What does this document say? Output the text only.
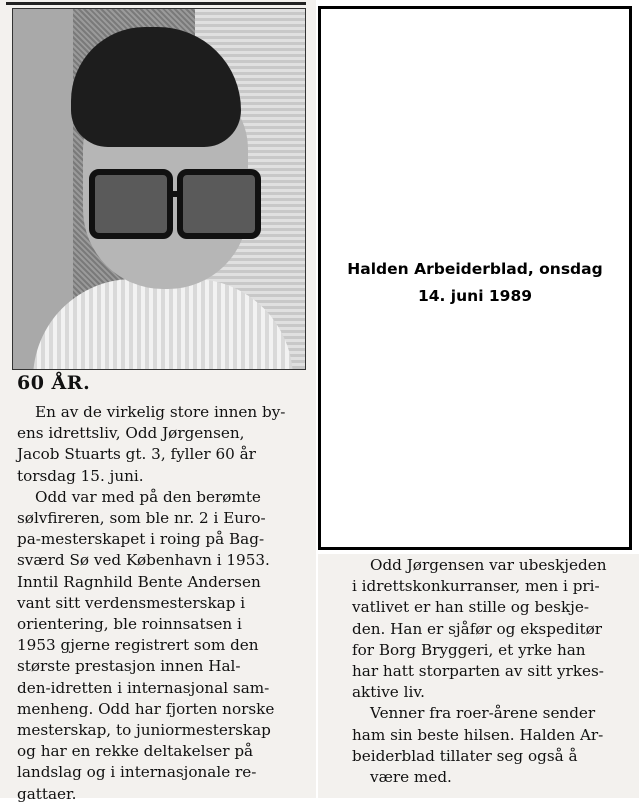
60 ÅR.
En av de virkelig store innen by-
ens idrettsliv, Odd Jørgensen,
Jacob Stuarts gt. 3, fyller 60 år
torsdag 15. juni.
Odd var med på den berømte
sølvfireren, som ble nr. 2 i Euro-
pa-mesterskapet i roing på Bag-
sværd Sø ved København i 1953.
Inntil Ragnhild Bente Andersen
vant sitt verdensmesterskap i
orientering, ble roinnsatsen i
1953 gjerne registrert som den
største prestasjon innen Hal-
den-idretten i internasjonal sam-
menheng. Odd har fjorten norske
mesterskap, to juniormesterskap
og har en rekke deltakelser på
landslag og i internasjonale re-
gattaer.
Odd Jørgensen var ubeskjeden
i idrettskonkurranser, men i pri-
vatlivet er han stille og beskje-
den. Han er sjåfør og ekspeditør
for Borg Bryggeri, et yrke han
har hatt storparten av sitt yrkes-
aktive liv.
Venner fra roer-årene sender
ham sin beste hilsen. Halden Ar-
beiderblad tillater seg også å
være med.
Halden Arbeiderblad, onsdag
14. juni 1989
